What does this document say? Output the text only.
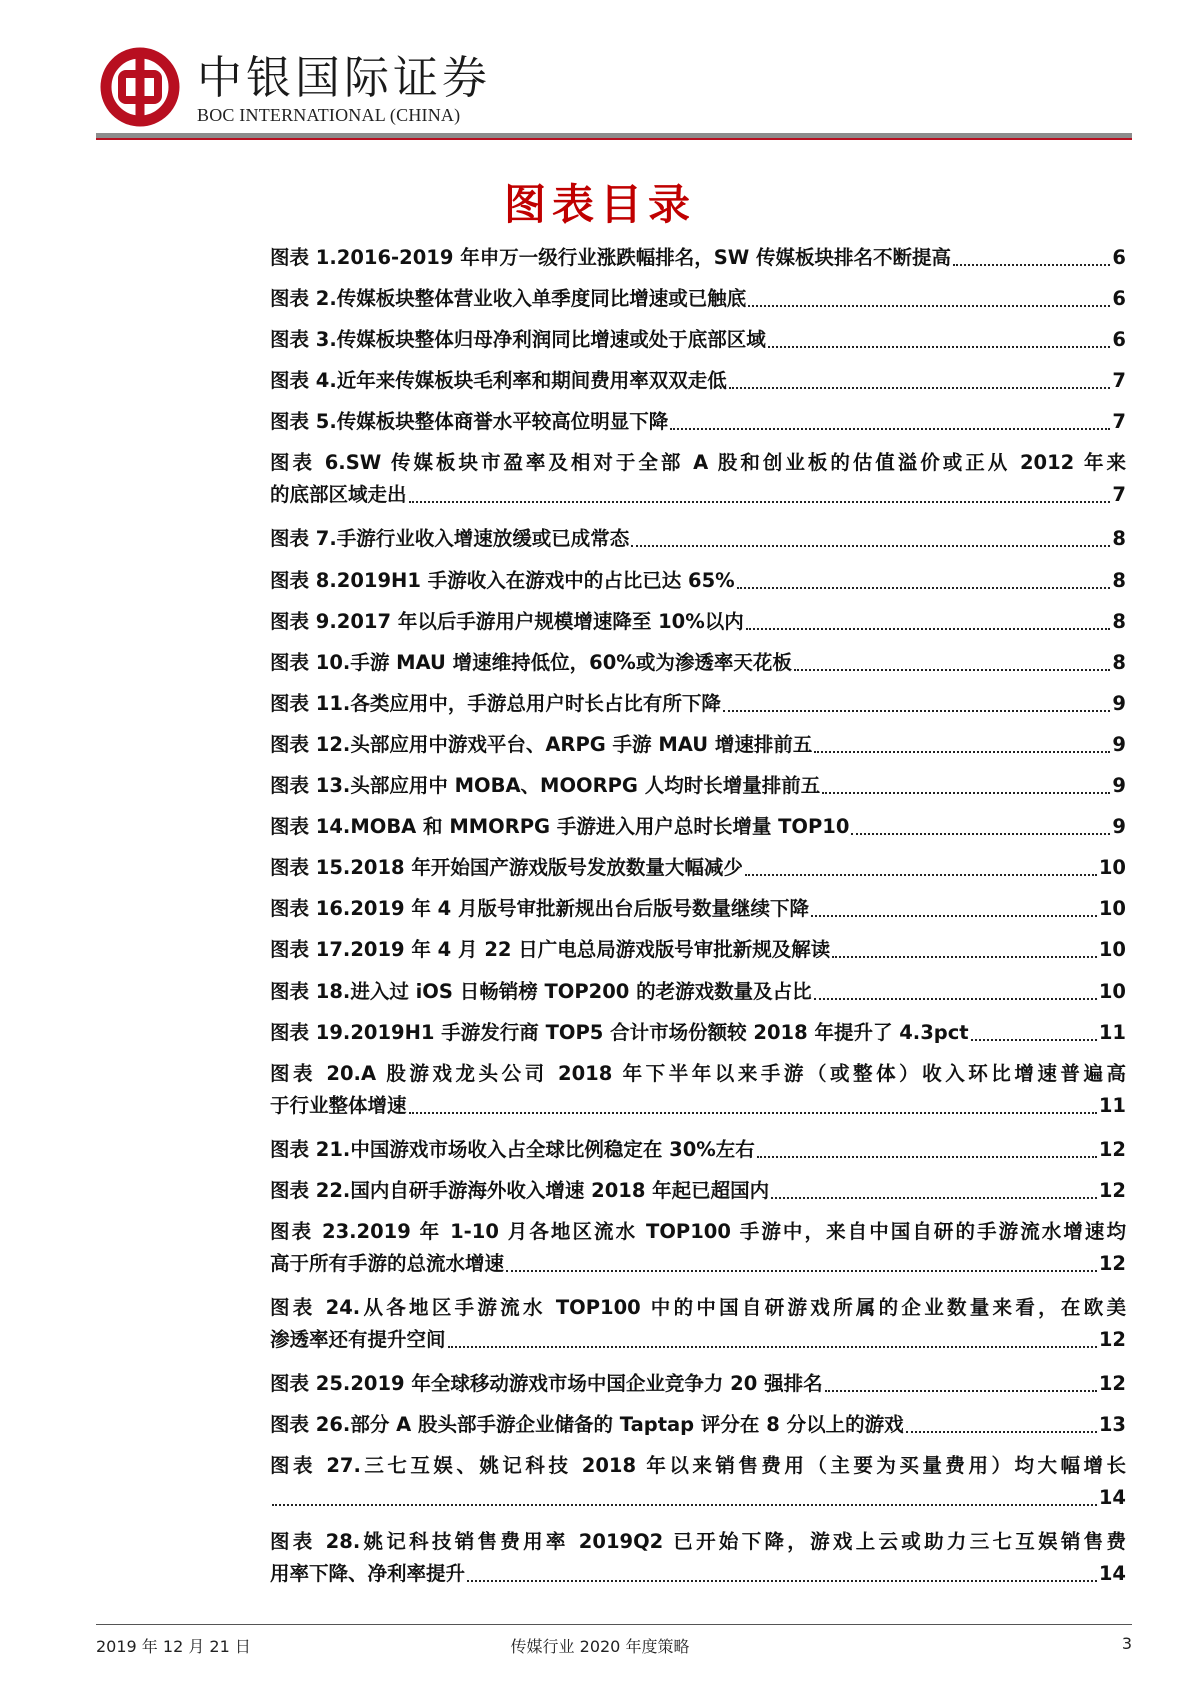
中银国际证券
BOC INTERNATIONAL (CHINA)
图表目录
图表 1.2016-2019 年申万一级行业涨跌幅排名，SW 传媒板块排名不断提高	6
图表 2.传媒板块整体营业收入单季度同比增速或已触底	6
图表 3.传媒板块整体归母净利润同比增速或处于底部区域	6
图表 4.近年来传媒板块毛利率和期间费用率双双走低	7
图表 5.传媒板块整体商誉水平较高位明显下降	7
图表 6.SW 传媒板块市盈率及相对于全部 A 股和创业板的估值溢价或正从 2012 年来
的底部区域走出	7
图表 7.手游行业收入增速放缓或已成常态	8
图表 8.2019H1 手游收入在游戏中的占比已达 65%	8
图表 9.2017 年以后手游用户规模增速降至 10%以内	8
图表 10.手游 MAU 增速维持低位，60%或为渗透率天花板	8
图表 11.各类应用中，手游总用户时长占比有所下降	9
图表 12.头部应用中游戏平台、ARPG 手游 MAU 增速排前五	9
图表 13.头部应用中 MOBA、MOORPG 人均时长增量排前五	9
图表 14.MOBA 和 MMORPG 手游进入用户总时长增量 TOP10	9
图表 15.2018 年开始国产游戏版号发放数量大幅减少	10
图表 16.2019 年 4 月版号审批新规出台后版号数量继续下降	10
图表 17.2019 年 4 月 22 日广电总局游戏版号审批新规及解读	10
图表 18.进入过 iOS 日畅销榜 TOP200 的老游戏数量及占比	10
图表 19.2019H1 手游发行商 TOP5 合计市场份额较 2018 年提升了 4.3pct	11
图表 20.A 股游戏龙头公司 2018 年下半年以来手游（或整体）收入环比增速普遍高
于行业整体增速	11
图表 21.中国游戏市场收入占全球比例稳定在 30%左右	12
图表 22.国内自研手游海外收入增速 2018 年起已超国内	12
图表 23.2019 年 1-10 月各地区流水 TOP100 手游中，来自中国自研的手游流水增速均
高于所有手游的总流水增速	12
图表 24.从各地区手游流水 TOP100 中的中国自研游戏所属的企业数量来看，在欧美
渗透率还有提升空间	12
图表 25.2019 年全球移动游戏市场中国企业竞争力 20 强排名	12
图表 26.部分 A 股头部手游企业储备的 Taptap 评分在 8 分以上的游戏	13
图表 27.三七互娱、姚记科技 2018 年以来销售费用（主要为买量费用）均大幅增长
14
图表 28.姚记科技销售费用率 2019Q2 已开始下降，游戏上云或助力三七互娱销售费
用率下降、净利率提升	14
2019 年 12 月 21 日	传媒行业 2020 年度策略	3
